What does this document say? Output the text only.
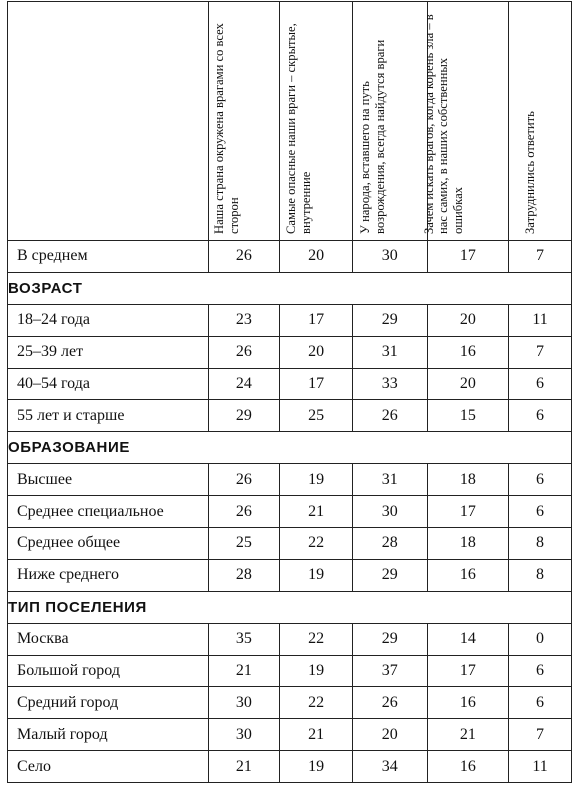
	Наша страна окружена врагами со всех сторон	Самые опасные наши враги – скрытые, внутренние	У народа, вставшего на путь возрождения, всегда найдутся враги	Зачем искать врагов, когда корень зла – в нас самих, в наших собственных ошибках	Затруднились ответить

В среднем	26	20	30	17	7
ВОЗРАСТ					
18–24 года	23	17	29	20	11
25–39 лет	26	20	31	16	7
40–54 года	24	17	33	20	6
55 лет и старше	29	25	26	15	6
ОБРАЗОВАНИЕ					
Высшее	26	19	31	18	6
Среднее специальное	26	21	30	17	6
Среднее общее	25	22	28	18	8
Ниже среднего	28	19	29	16	8
ТИП ПОСЕЛЕНИЯ					
Москва	35	22	29	14	0
Большой город	21	19	37	17	6
Средний город	30	22	26	16	6
Малый город	30	21	20	21	7
Село	21	19	34	16	11
